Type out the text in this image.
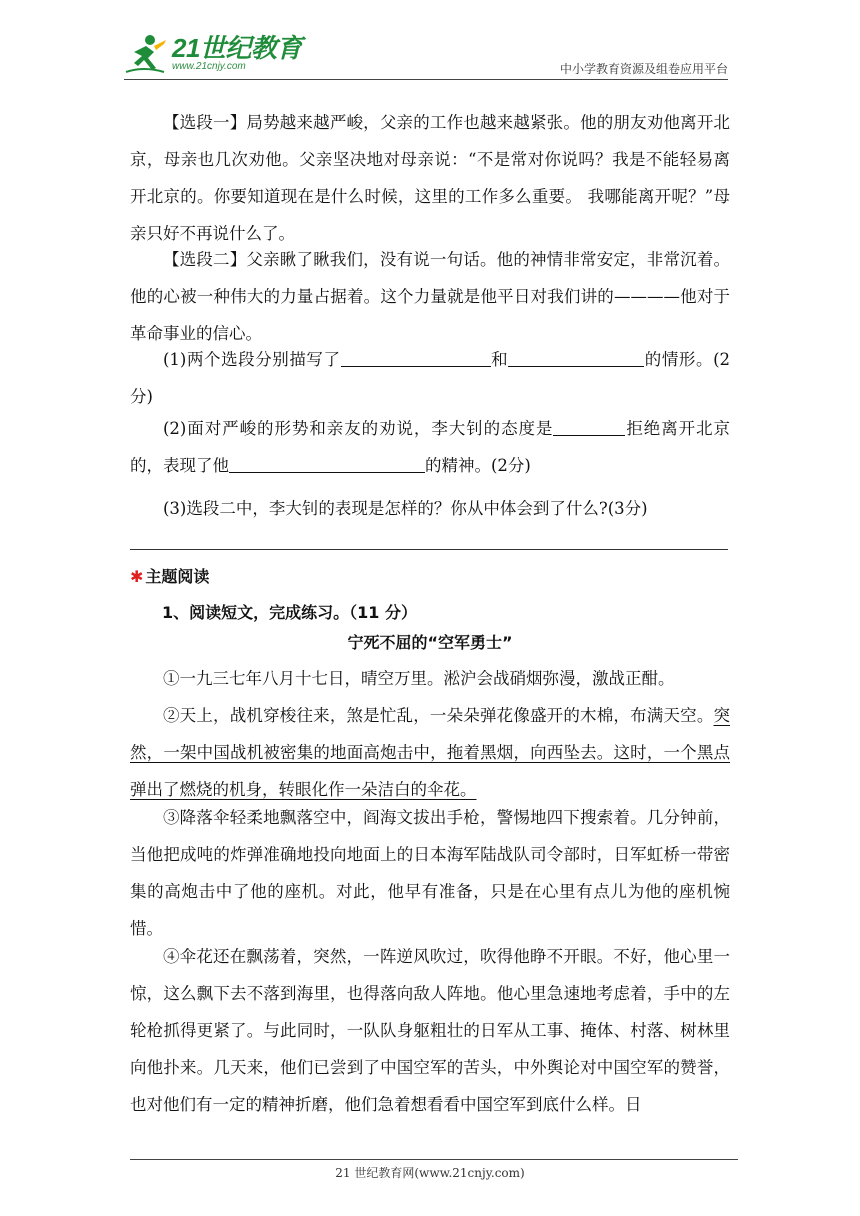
21世纪教育
www.21cnjy.com	中小学教育资源及组卷应用平台
【选段一】局势越来越严峻，父亲的工作也越来越紧张。他的朋友劝他离开北京，母亲也几次劝他。父亲坚决地对母亲说：“不是常对你说吗？我是不能轻易离开北京的。你要知道现在是什么时候，这里的工作多么重要。 我哪能离开呢？”母亲只好不再说什么了。
【选段二】父亲瞅了瞅我们，没有说一句话。他的神情非常安定，非常沉着。他的心被一种伟大的力量占据着。这个力量就是他平日对我们讲的————他对于革命事业的信心。
(1)两个选段分别描写了	和	的情形。(2分)
(2)面对严峻的形势和亲友的劝说，李大钊的态度是	拒绝离开北京的，表现了他	的精神。(2分)
(3)选段二中，李大钊的表现是怎样的？你从中体会到了什么?(3分)
✱ 主题阅读
1、阅读短文，完成练习。（11 分）
宁死不屈的“空军勇士”
①一九三七年八月十七日，晴空万里。淞沪会战硝烟弥漫，激战正酣。
②天上，战机穿梭往来，煞是忙乱，一朵朵弹花像盛开的木棉，布满天空。突然，一架中国战机被密集的地面高炮击中，拖着黑烟，向西坠去。这时，一个黑点弹出了燃烧的机身，转眼化作一朵洁白的伞花。
③降落伞轻柔地飘落空中，阎海文拔出手枪，警惕地四下搜索着。几分钟前，当他把成吨的炸弹准确地投向地面上的日本海军陆战队司令部时，日军虹桥一带密集的高炮击中了他的座机。对此，他早有准备，只是在心里有点儿为他的座机惋惜。
④伞花还在飘荡着，突然，一阵逆风吹过，吹得他睁不开眼。不好，他心里一惊，这么飘下去不落到海里，也得落向敌人阵地。他心里急速地考虑着，手中的左轮枪抓得更紧了。与此同时，一队队身躯粗壮的日军从工事、掩体、村落、树林里向他扑来。几天来，他们已尝到了中国空军的苦头，中外舆论对中国空军的赞誉，也对他们有一定的精神折磨，他们急着想看看中国空军到底什么样。日
21 世纪教育网(www.21cnjy.com)
